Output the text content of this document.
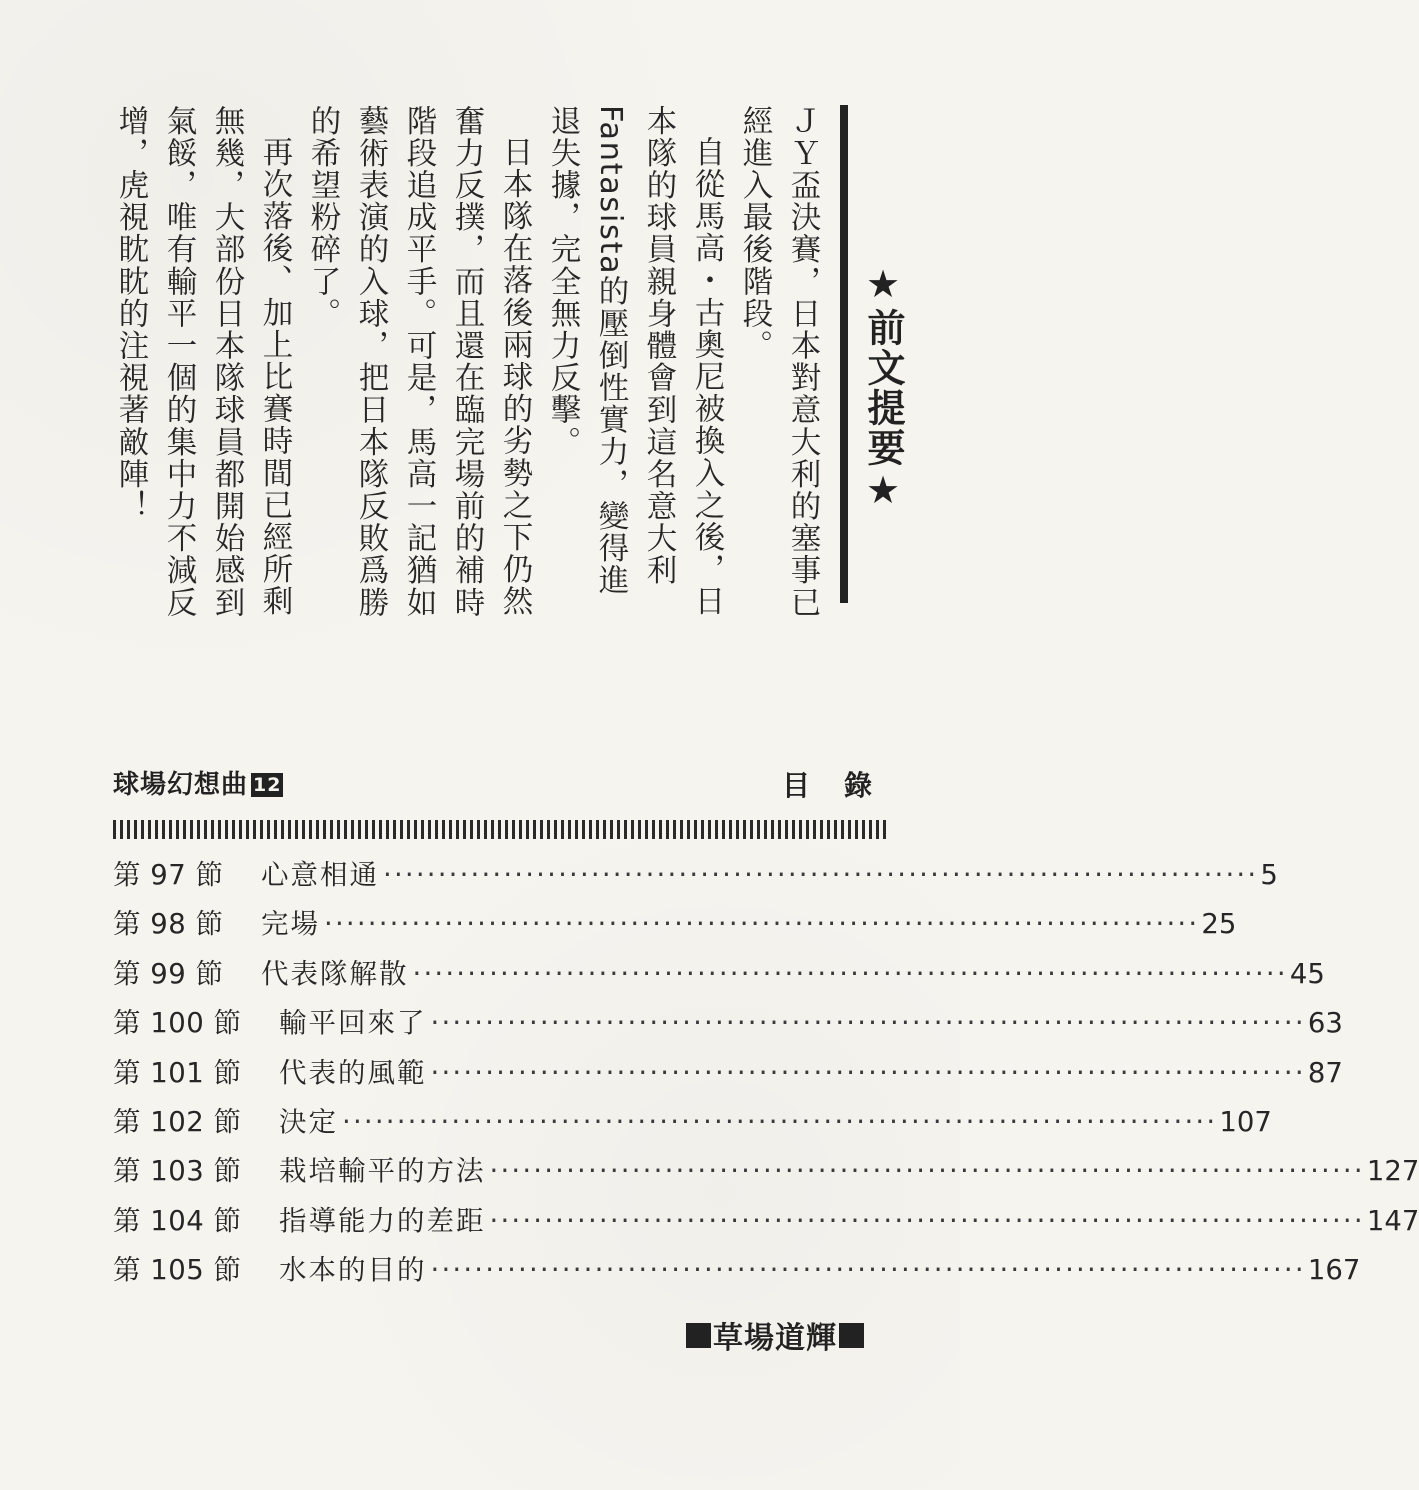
★前文提要★

ＪＹ盃決賽，日本對意大利的塞事已經進入最後階段。

自從馬高・古奧尼被換入之後，日本隊的球員親身體會到這名意大利Fantasista的壓倒性實力，變得進退失據，完全無力反擊。

日本隊在落後兩球的劣勢之下仍然奮力反撲，而且還在臨完場前的補時階段追成平手。可是，馬高一記猶如藝術表演的入球，把日本隊反敗爲勝的希望粉碎了。

再次落後、加上比賽時間已經所剩無幾，大部份日本隊球員都開始感到氣餒，唯有輸平一個的集中力不減反增，虎視眈眈的注視著敵陣！

球場幻想曲 12	目　錄
第 97 節	心意相通 ················································································ 5
第 98 節	完場 ················································································ 25
第 99 節	代表隊解散 ················································································ 45
第 100 節	輸平回來了 ················································································ 63
第 101 節	代表的風範 ················································································ 87
第 102 節	決定 ················································································ 107
第 103 節	栽培輸平的方法 ················································································ 127
第 104 節	指導能力的差距 ················································································ 147
第 105 節	水本的目的 ················································································ 167
草場道輝
